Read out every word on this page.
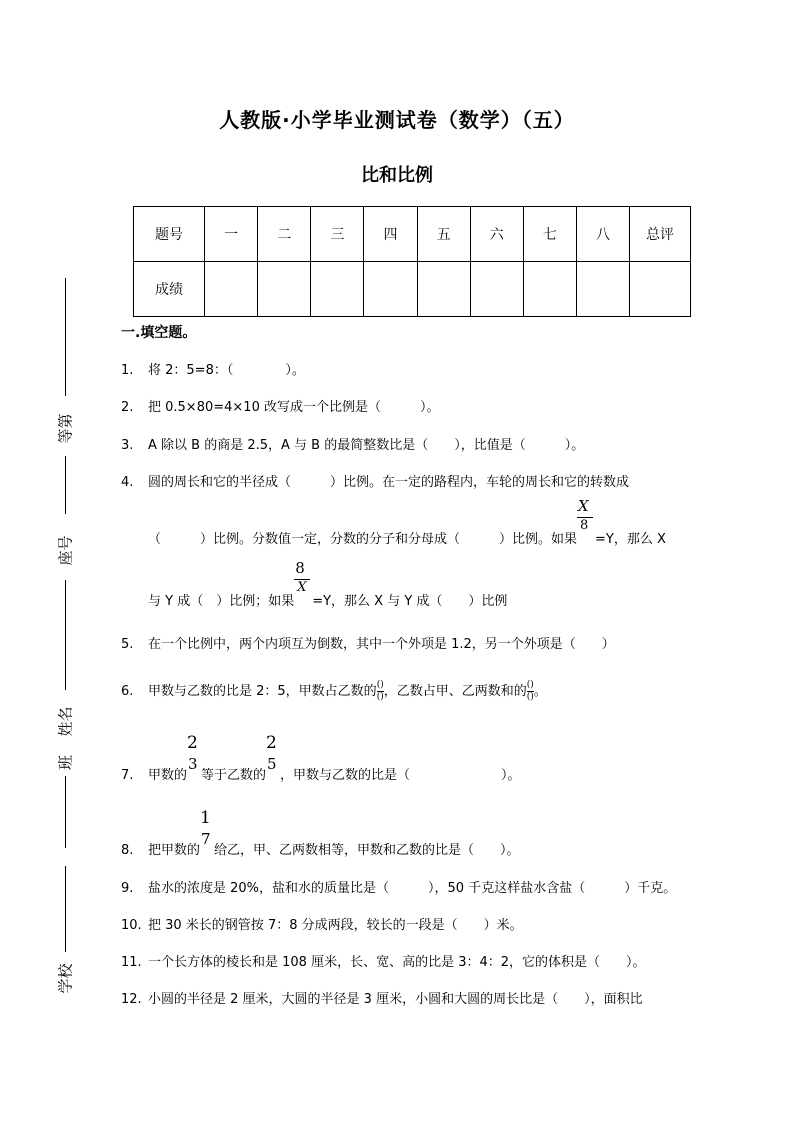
人教版·小学毕业测试卷（数学）（五）
比和比例
题号	一	二	三	四	五	六	七	八	总评
成绩									
等第
座号
姓名
班
学校
一.填空题。
1. 将 2：5=8：（　　　　）。
2. 把 0.5×80=4×10 改写成一个比例是（　　　）。
3. A 除以 B 的商是 2.5，A 与 B 的最简整数比是（　　），比值是（　　　）。
4. 圆的周长和它的半径成（　　　）比例。在一定的路程内，车轮的周长和它的转数成
（　　　）比例。分数值一定，分数的分子和分母成（　　　）比例。如果 $\frac{X}{8} =Y$，那么 X
与 Y 成（　）比例；如果 $\frac{8}{X} =Y$，那么 X 与 Y 成（　　）比例
5. 在一个比例中，两个内项互为倒数，其中一个外项是 1.2，另一个外项是（　　）
6. 甲数与乙数的比是 2：5，甲数占乙数的 $\frac{()}{()}$ ，乙数占甲、乙两数和的 $\frac{()}{()}$ 。
7. 甲数的
2
3
等于乙数的
2
5
，甲数与乙数的比是（　　　　　　　）。
8. 把甲数的
1
7
给乙，甲、乙两数相等，甲数和乙数的比是（　　）。
9. 盐水的浓度是 20%，盐和水的质量比是（　　　），50 千克这样盐水含盐（　　　）千克。
10. 把 30 米长的钢管按 7：8 分成两段，较长的一段是（　　）米。
11. 一个长方体的棱长和是 108 厘米，长、宽、高的比是 3：4：2，它的体积是（　　）。
12. 小圆的半径是 2 厘米，大圆的半径是 3 厘米，小圆和大圆的周长比是（　　），面积比
